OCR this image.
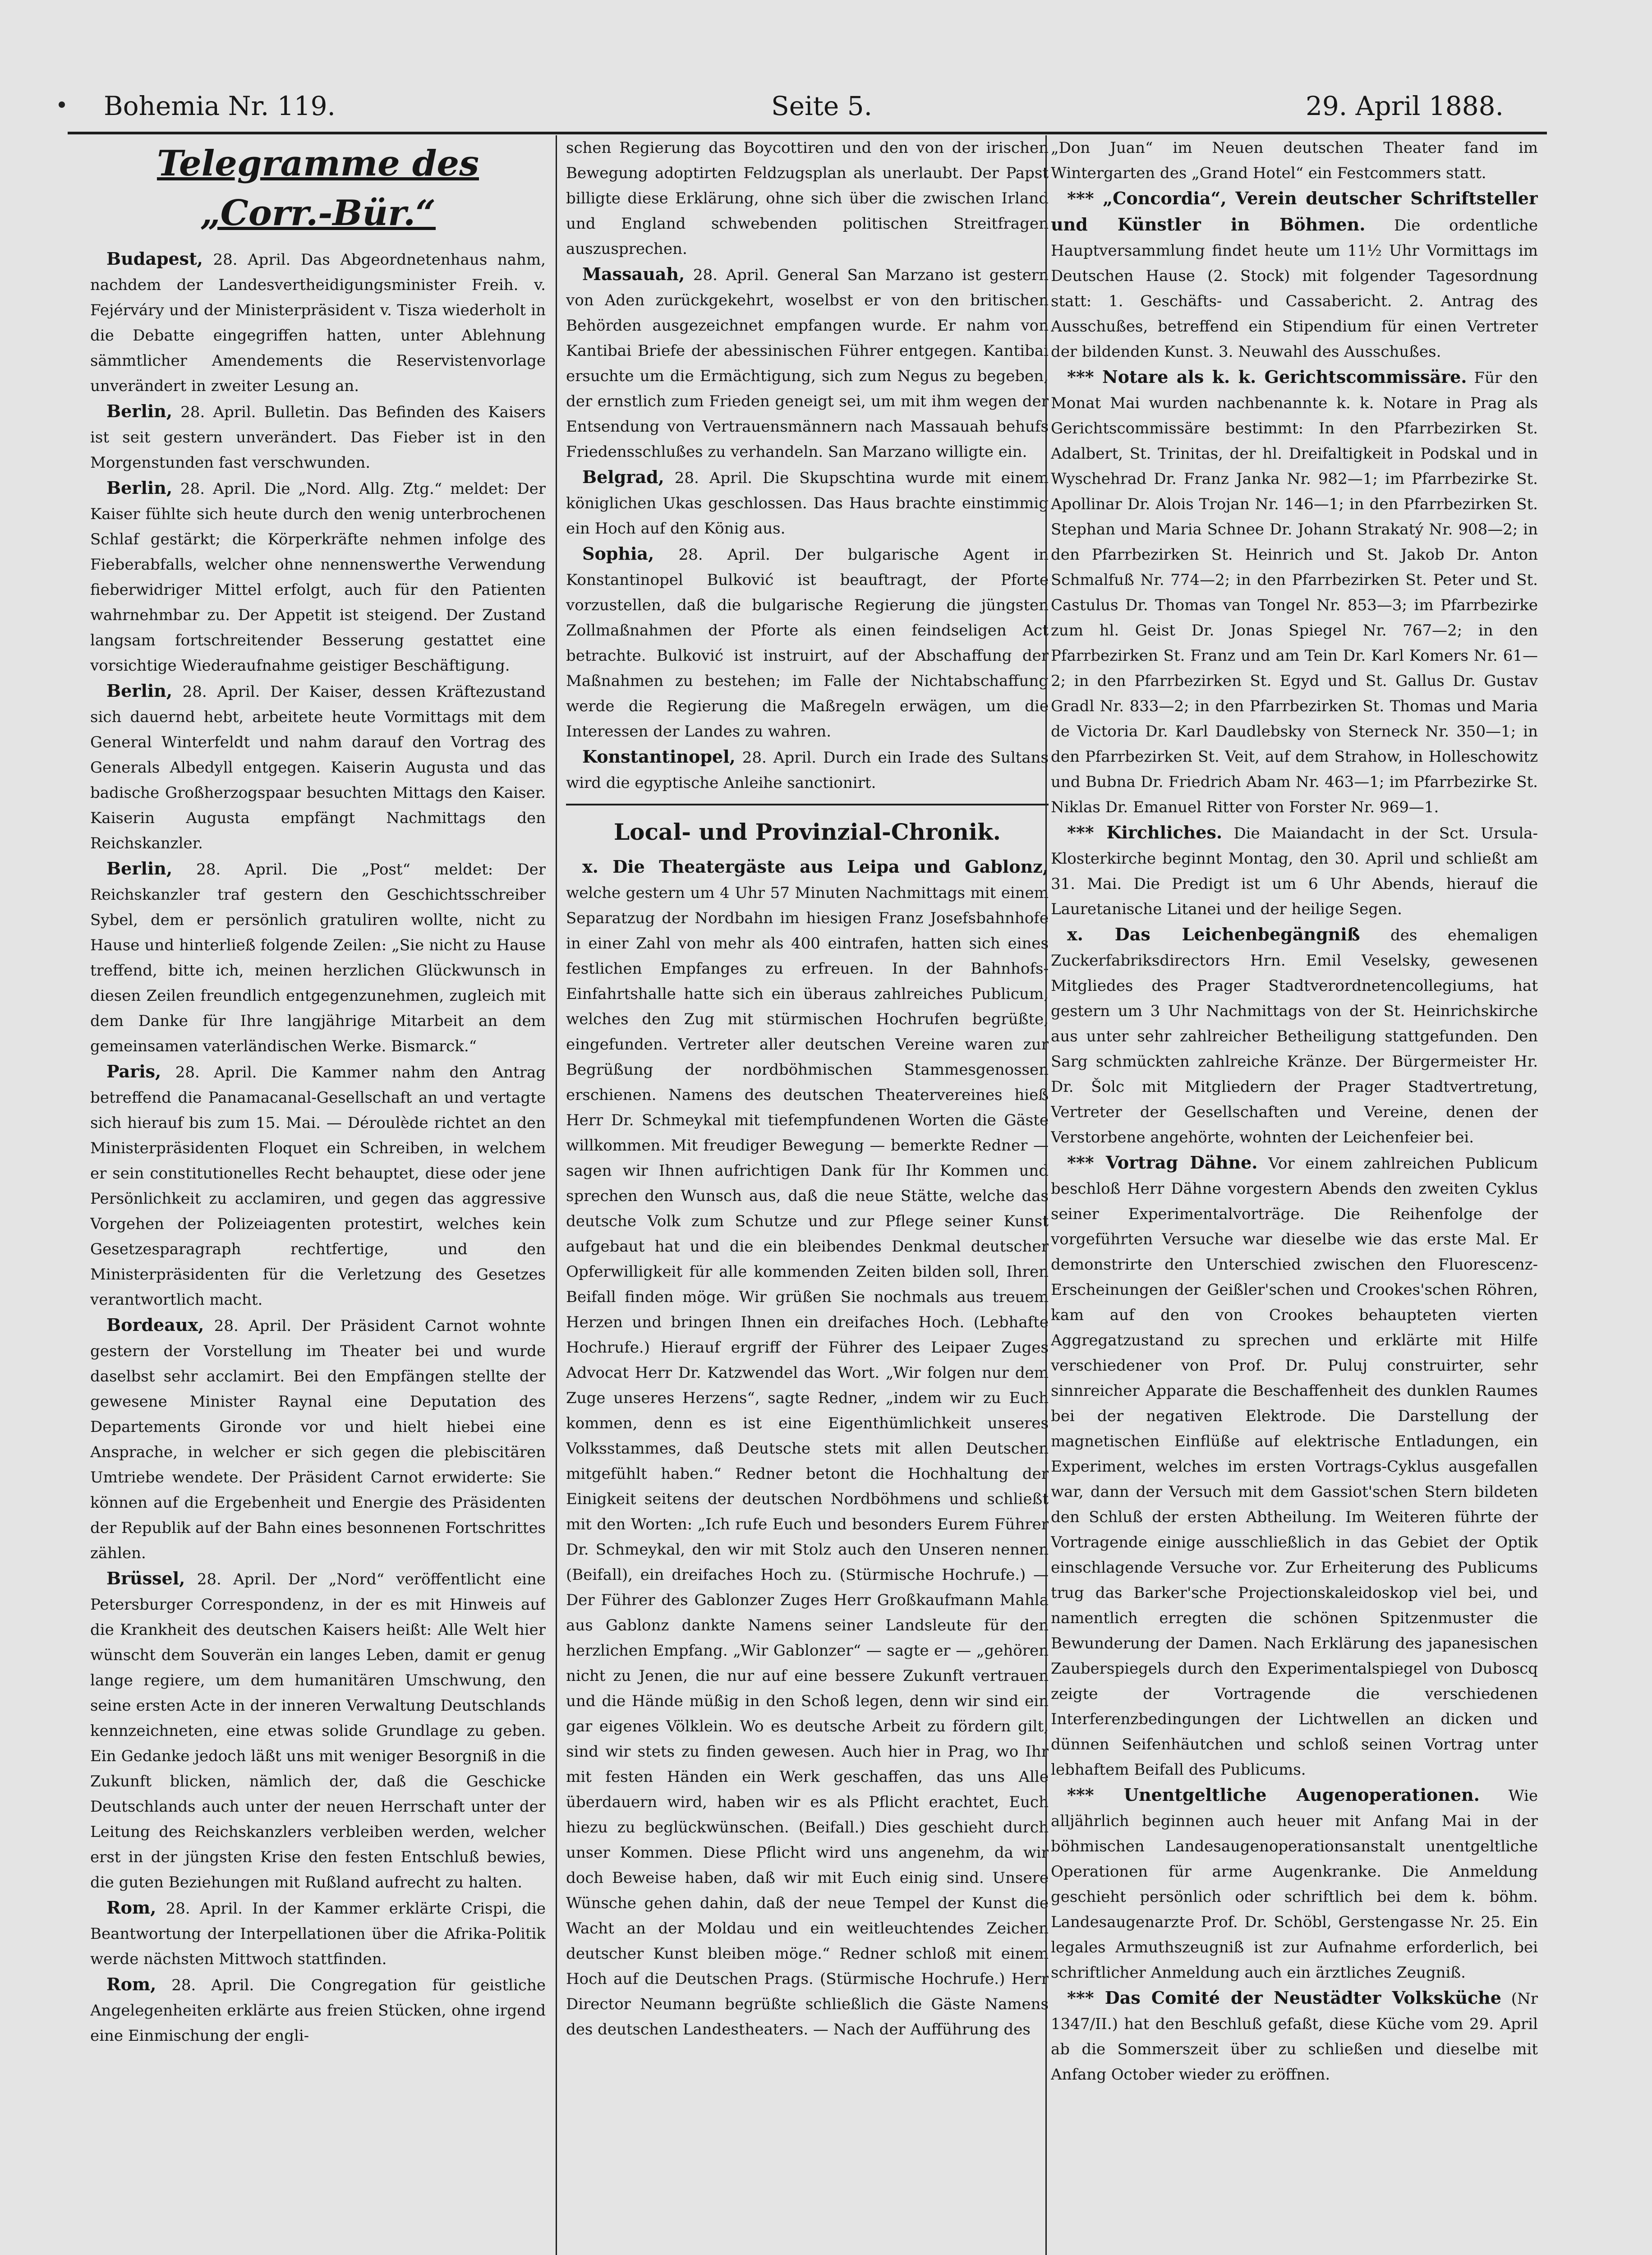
Bohemia Nr. 119.	Seite 5.	29. April 1888.
Telegramme des „Corr.-Bür.“

Budapest, 28. April. Das Abgeordnetenhaus nahm, nachdem der Landesvertheidigungsminister Freih. v. Fejérváry und der Ministerpräsident v. Tisza wiederholt in die Debatte eingegriffen hatten, unter Ablehnung sämmtlicher Amendements die Reservistenvorlage unverändert in zweiter Lesung an.

Berlin, 28. April. Bulletin. Das Befinden des Kaisers ist seit gestern unverändert. Das Fieber ist in den Morgenstunden fast verschwunden.

Berlin, 28. April. Die „Nord. Allg. Ztg.“ meldet: Der Kaiser fühlte sich heute durch den wenig unterbrochenen Schlaf gestärkt; die Körperkräfte nehmen infolge des Fieberabfalls, welcher ohne nennenswerthe Verwendung fieberwidriger Mittel erfolgt, auch für den Patienten wahrnehmbar zu. Der Appetit ist steigend. Der Zustand langsam fortschreitender Besserung gestattet eine vorsichtige Wiederaufnahme geistiger Beschäftigung.

Berlin, 28. April. Der Kaiser, dessen Kräftezustand sich dauernd hebt, arbeitete heute Vormittags mit dem General Winterfeldt und nahm darauf den Vortrag des Generals Albedyll entgegen. Kaiserin Augusta und das badische Großherzogspaar besuchten Mittags den Kaiser. Kaiserin Augusta empfängt Nachmittags den Reichskanzler.

Berlin, 28. April. Die „Post“ meldet: Der Reichskanzler traf gestern den Geschichtsschreiber Sybel, dem er persönlich gratuliren wollte, nicht zu Hause und hinterließ folgende Zeilen: „Sie nicht zu Hause treffend, bitte ich, meinen herzlichen Glückwunsch in diesen Zeilen freundlich entgegenzunehmen, zugleich mit dem Danke für Ihre langjährige Mitarbeit an dem gemeinsamen vaterländischen Werke. Bismarck.“

Paris, 28. April. Die Kammer nahm den Antrag betreffend die Panamacanal-Gesellschaft an und vertagte sich hierauf bis zum 15. Mai. — Déroulède richtet an den Ministerpräsidenten Floquet ein Schreiben, in welchem er sein constitutionelles Recht behauptet, diese oder jene Persönlichkeit zu acclamiren, und gegen das aggressive Vorgehen der Polizeiagenten protestirt, welches kein Gesetzesparagraph rechtfertige, und den Ministerpräsidenten für die Verletzung des Gesetzes verantwortlich macht.

Bordeaux, 28. April. Der Präsident Carnot wohnte gestern der Vorstellung im Theater bei und wurde daselbst sehr acclamirt. Bei den Empfängen stellte der gewesene Minister Raynal eine Deputation des Departements Gironde vor und hielt hiebei eine Ansprache, in welcher er sich gegen die plebiscitären Umtriebe wendete. Der Präsident Carnot erwiderte: Sie können auf die Ergebenheit und Energie des Präsidenten der Republik auf der Bahn eines besonnenen Fortschrittes zählen.

Brüssel, 28. April. Der „Nord“ veröffentlicht eine Petersburger Correspondenz, in der es mit Hinweis auf die Krankheit des deutschen Kaisers heißt: Alle Welt hier wünscht dem Souverän ein langes Leben, damit er genug lange regiere, um dem humanitären Umschwung, den seine ersten Acte in der inneren Verwaltung Deutschlands kennzeichneten, eine etwas solide Grundlage zu geben. Ein Gedanke jedoch läßt uns mit weniger Besorgniß in die Zukunft blicken, nämlich der, daß die Geschicke Deutschlands auch unter der neuen Herrschaft unter der Leitung des Reichskanzlers verbleiben werden, welcher erst in der jüngsten Krise den festen Entschluß bewies, die guten Beziehungen mit Rußland aufrecht zu halten.

Rom, 28. April. In der Kammer erklärte Crispi, die Beantwortung der Interpellationen über die Afrika-Politik werde nächsten Mittwoch stattfinden.

Rom, 28. April. Die Congregation für geistliche Angelegenheiten erklärte aus freien Stücken, ohne irgend eine Einmischung der engli-

schen Regierung das Boycottiren und den von der irischen Bewegung adoptirten Feldzugsplan als unerlaubt. Der Papst billigte diese Erklärung, ohne sich über die zwischen Irland und England schwebenden politischen Streitfragen auszusprechen.

Massauah, 28. April. General San Marzano ist gestern von Aden zurückgekehrt, woselbst er von den britischen Behörden ausgezeichnet empfangen wurde. Er nahm von Kantibai Briefe der abessinischen Führer entgegen. Kantibai ersuchte um die Ermächtigung, sich zum Negus zu begeben, der ernstlich zum Frieden geneigt sei, um mit ihm wegen der Entsendung von Vertrauensmännern nach Massauah behufs Friedensschlußes zu verhandeln. San Marzano willigte ein.

Belgrad, 28. April. Die Skupschtina wurde mit einem königlichen Ukas geschlossen. Das Haus brachte einstimmig ein Hoch auf den König aus.

Sophia, 28. April. Der bulgarische Agent in Konstantinopel Bulković ist beauftragt, der Pforte vorzustellen, daß die bulgarische Regierung die jüngsten Zollmaßnahmen der Pforte als einen feindseligen Act betrachte. Bulković ist instruirt, auf der Abschaffung der Maßnahmen zu bestehen; im Falle der Nichtabschaffung werde die Regierung die Maßregeln erwägen, um die Interessen der Landes zu wahren.

Konstantinopel, 28. April. Durch ein Irade des Sultans wird die egyptische Anleihe sanctionirt.

Local- und Provinzial-Chronik.

x. Die Theatergäste aus Leipa und Gablonz, welche gestern um 4 Uhr 57 Minuten Nachmittags mit einem Separatzug der Nordbahn im hiesigen Franz Josefsbahnhofe in einer Zahl von mehr als 400 eintrafen, hatten sich eines festlichen Empfanges zu erfreuen. In der Bahnhofs-Einfahrtshalle hatte sich ein überaus zahlreiches Publicum, welches den Zug mit stürmischen Hochrufen begrüßte, eingefunden. Vertreter aller deutschen Vereine waren zur Begrüßung der nordböhmischen Stammesgenossen erschienen. Namens des deutschen Theatervereines hieß Herr Dr. Schmeykal mit tiefempfundenen Worten die Gäste willkommen. Mit freudiger Bewegung — bemerkte Redner — sagen wir Ihnen aufrichtigen Dank für Ihr Kommen und sprechen den Wunsch aus, daß die neue Stätte, welche das deutsche Volk zum Schutze und zur Pflege seiner Kunst aufgebaut hat und die ein bleibendes Denkmal deutscher Opferwilligkeit für alle kommenden Zeiten bilden soll, Ihren Beifall finden möge. Wir grüßen Sie nochmals aus treuem Herzen und bringen Ihnen ein dreifaches Hoch. (Lebhafte Hochrufe.) Hierauf ergriff der Führer des Leipaer Zuges Advocat Herr Dr. Katzwendel das Wort. „Wir folgen nur dem Zuge unseres Herzens“, sagte Redner, „indem wir zu Euch kommen, denn es ist eine Eigenthümlichkeit unseres Volksstammes, daß Deutsche stets mit allen Deutschen mitgefühlt haben.“ Redner betont die Hochhaltung der Einigkeit seitens der deutschen Nordböhmens und schließt mit den Worten: „Ich rufe Euch und besonders Eurem Führer Dr. Schmeykal, den wir mit Stolz auch den Unseren nennen (Beifall), ein dreifaches Hoch zu. (Stürmische Hochrufe.) — Der Führer des Gablonzer Zuges Herr Großkaufmann Mahla aus Gablonz dankte Namens seiner Landsleute für den herzlichen Empfang. „Wir Gablonzer“ — sagte er — „gehören nicht zu Jenen, die nur auf eine bessere Zukunft vertrauen und die Hände müßig in den Schoß legen, denn wir sind ein gar eigenes Völklein. Wo es deutsche Arbeit zu fördern gilt, sind wir stets zu finden gewesen. Auch hier in Prag, wo Ihr mit festen Händen ein Werk geschaffen, das uns Alle überdauern wird, haben wir es als Pflicht erachtet, Euch hiezu zu beglückwünschen. (Beifall.) Dies geschieht durch unser Kommen. Diese Pflicht wird uns angenehm, da wir doch Beweise haben, daß wir mit Euch einig sind. Unsere Wünsche gehen dahin, daß der neue Tempel der Kunst die Wacht an der Moldau und ein weitleuchtendes Zeichen deutscher Kunst bleiben möge.“ Redner schloß mit einem Hoch auf die Deutschen Prags. (Stürmische Hochrufe.) Herr Director Neumann begrüßte schließlich die Gäste Namens des deutschen Landestheaters. — Nach der Aufführung des

„Don Juan“ im Neuen deutschen Theater fand im Wintergarten des „Grand Hotel“ ein Festcommers statt.

*** „Concordia“, Verein deutscher Schriftsteller und Künstler in Böhmen. Die ordentliche Hauptversammlung findet heute um 11½ Uhr Vormittags im Deutschen Hause (2. Stock) mit folgender Tagesordnung statt: 1. Geschäfts- und Cassabericht. 2. Antrag des Ausschußes, betreffend ein Stipendium für einen Vertreter der bildenden Kunst. 3. Neuwahl des Ausschußes.

*** Notare als k. k. Gerichtscommissäre. Für den Monat Mai wurden nachbenannte k. k. Notare in Prag als Gerichtscommissäre bestimmt: In den Pfarrbezirken St. Adalbert, St. Trinitas, der hl. Dreifaltigkeit in Podskal und in Wyschehrad Dr. Franz Janka Nr. 982—1; im Pfarrbezirke St. Apollinar Dr. Alois Trojan Nr. 146—1; in den Pfarrbezirken St. Stephan und Maria Schnee Dr. Johann Strakatý Nr. 908—2; in den Pfarrbezirken St. Heinrich und St. Jakob Dr. Anton Schmalfuß Nr. 774—2; in den Pfarrbezirken St. Peter und St. Castulus Dr. Thomas van Tongel Nr. 853—3; im Pfarrbezirke zum hl. Geist Dr. Jonas Spiegel Nr. 767—2; in den Pfarrbezirken St. Franz und am Tein Dr. Karl Komers Nr. 61—2; in den Pfarrbezirken St. Egyd und St. Gallus Dr. Gustav Gradl Nr. 833—2; in den Pfarrbezirken St. Thomas und Maria de Victoria Dr. Karl Daudlebsky von Sterneck Nr. 350—1; in den Pfarrbezirken St. Veit, auf dem Strahow, in Holleschowitz und Bubna Dr. Friedrich Abam Nr. 463—1; im Pfarrbezirke St. Niklas Dr. Emanuel Ritter von Forster Nr. 969—1.

*** Kirchliches. Die Maiandacht in der Sct. Ursula-Klosterkirche beginnt Montag, den 30. April und schließt am 31. Mai. Die Predigt ist um 6 Uhr Abends, hierauf die Lauretanische Litanei und der heilige Segen.

x. Das Leichenbegängniß des ehemaligen Zuckerfabriksdirectors Hrn. Emil Veselsky, gewesenen Mitgliedes des Prager Stadtverordnetencollegiums, hat gestern um 3 Uhr Nachmittags von der St. Heinrichskirche aus unter sehr zahlreicher Betheiligung stattgefunden. Den Sarg schmückten zahlreiche Kränze. Der Bürgermeister Hr. Dr. Šolc mit Mitgliedern der Prager Stadtvertretung, Vertreter der Gesellschaften und Vereine, denen der Verstorbene angehörte, wohnten der Leichenfeier bei.

*** Vortrag Dähne. Vor einem zahlreichen Publicum beschloß Herr Dähne vorgestern Abends den zweiten Cyklus seiner Experimentalvorträge. Die Reihenfolge der vorgeführten Versuche war dieselbe wie das erste Mal. Er demonstrirte den Unterschied zwischen den Fluorescenz-Erscheinungen der Geißler'schen und Crookes'schen Röhren, kam auf den von Crookes behaupteten vierten Aggregatzustand zu sprechen und erklärte mit Hilfe verschiedener von Prof. Dr. Puluj construirter, sehr sinnreicher Apparate die Beschaffenheit des dunklen Raumes bei der negativen Elektrode. Die Darstellung der magnetischen Einflüße auf elektrische Entladungen, ein Experiment, welches im ersten Vortrags-Cyklus ausgefallen war, dann der Versuch mit dem Gassiot'schen Stern bildeten den Schluß der ersten Abtheilung. Im Weiteren führte der Vortragende einige ausschließlich in das Gebiet der Optik einschlagende Versuche vor. Zur Erheiterung des Publicums trug das Barker'sche Projectionskaleidoskop viel bei, und namentlich erregten die schönen Spitzenmuster die Bewunderung der Damen. Nach Erklärung des japanesischen Zauberspiegels durch den Experimentalspiegel von Duboscq zeigte der Vortragende die verschiedenen Interferenzbedingungen der Lichtwellen an dicken und dünnen Seifenhäutchen und schloß seinen Vortrag unter lebhaftem Beifall des Publicums.

*** Unentgeltliche Augenoperationen. Wie alljährlich beginnen auch heuer mit Anfang Mai in der böhmischen Landesaugenoperationsanstalt unentgeltliche Operationen für arme Augenkranke. Die Anmeldung geschieht persönlich oder schriftlich bei dem k. böhm. Landesaugenarzte Prof. Dr. Schöbl, Gerstengasse Nr. 25. Ein legales Armuthszeugniß ist zur Aufnahme erforderlich, bei schriftlicher Anmeldung auch ein ärztliches Zeugniß.

*** Das Comité der Neustädter Volksküche (Nr 1347/II.) hat den Beschluß gefaßt, diese Küche vom 29. April ab die Sommerszeit über zu schließen und dieselbe mit Anfang October wieder zu eröffnen.
